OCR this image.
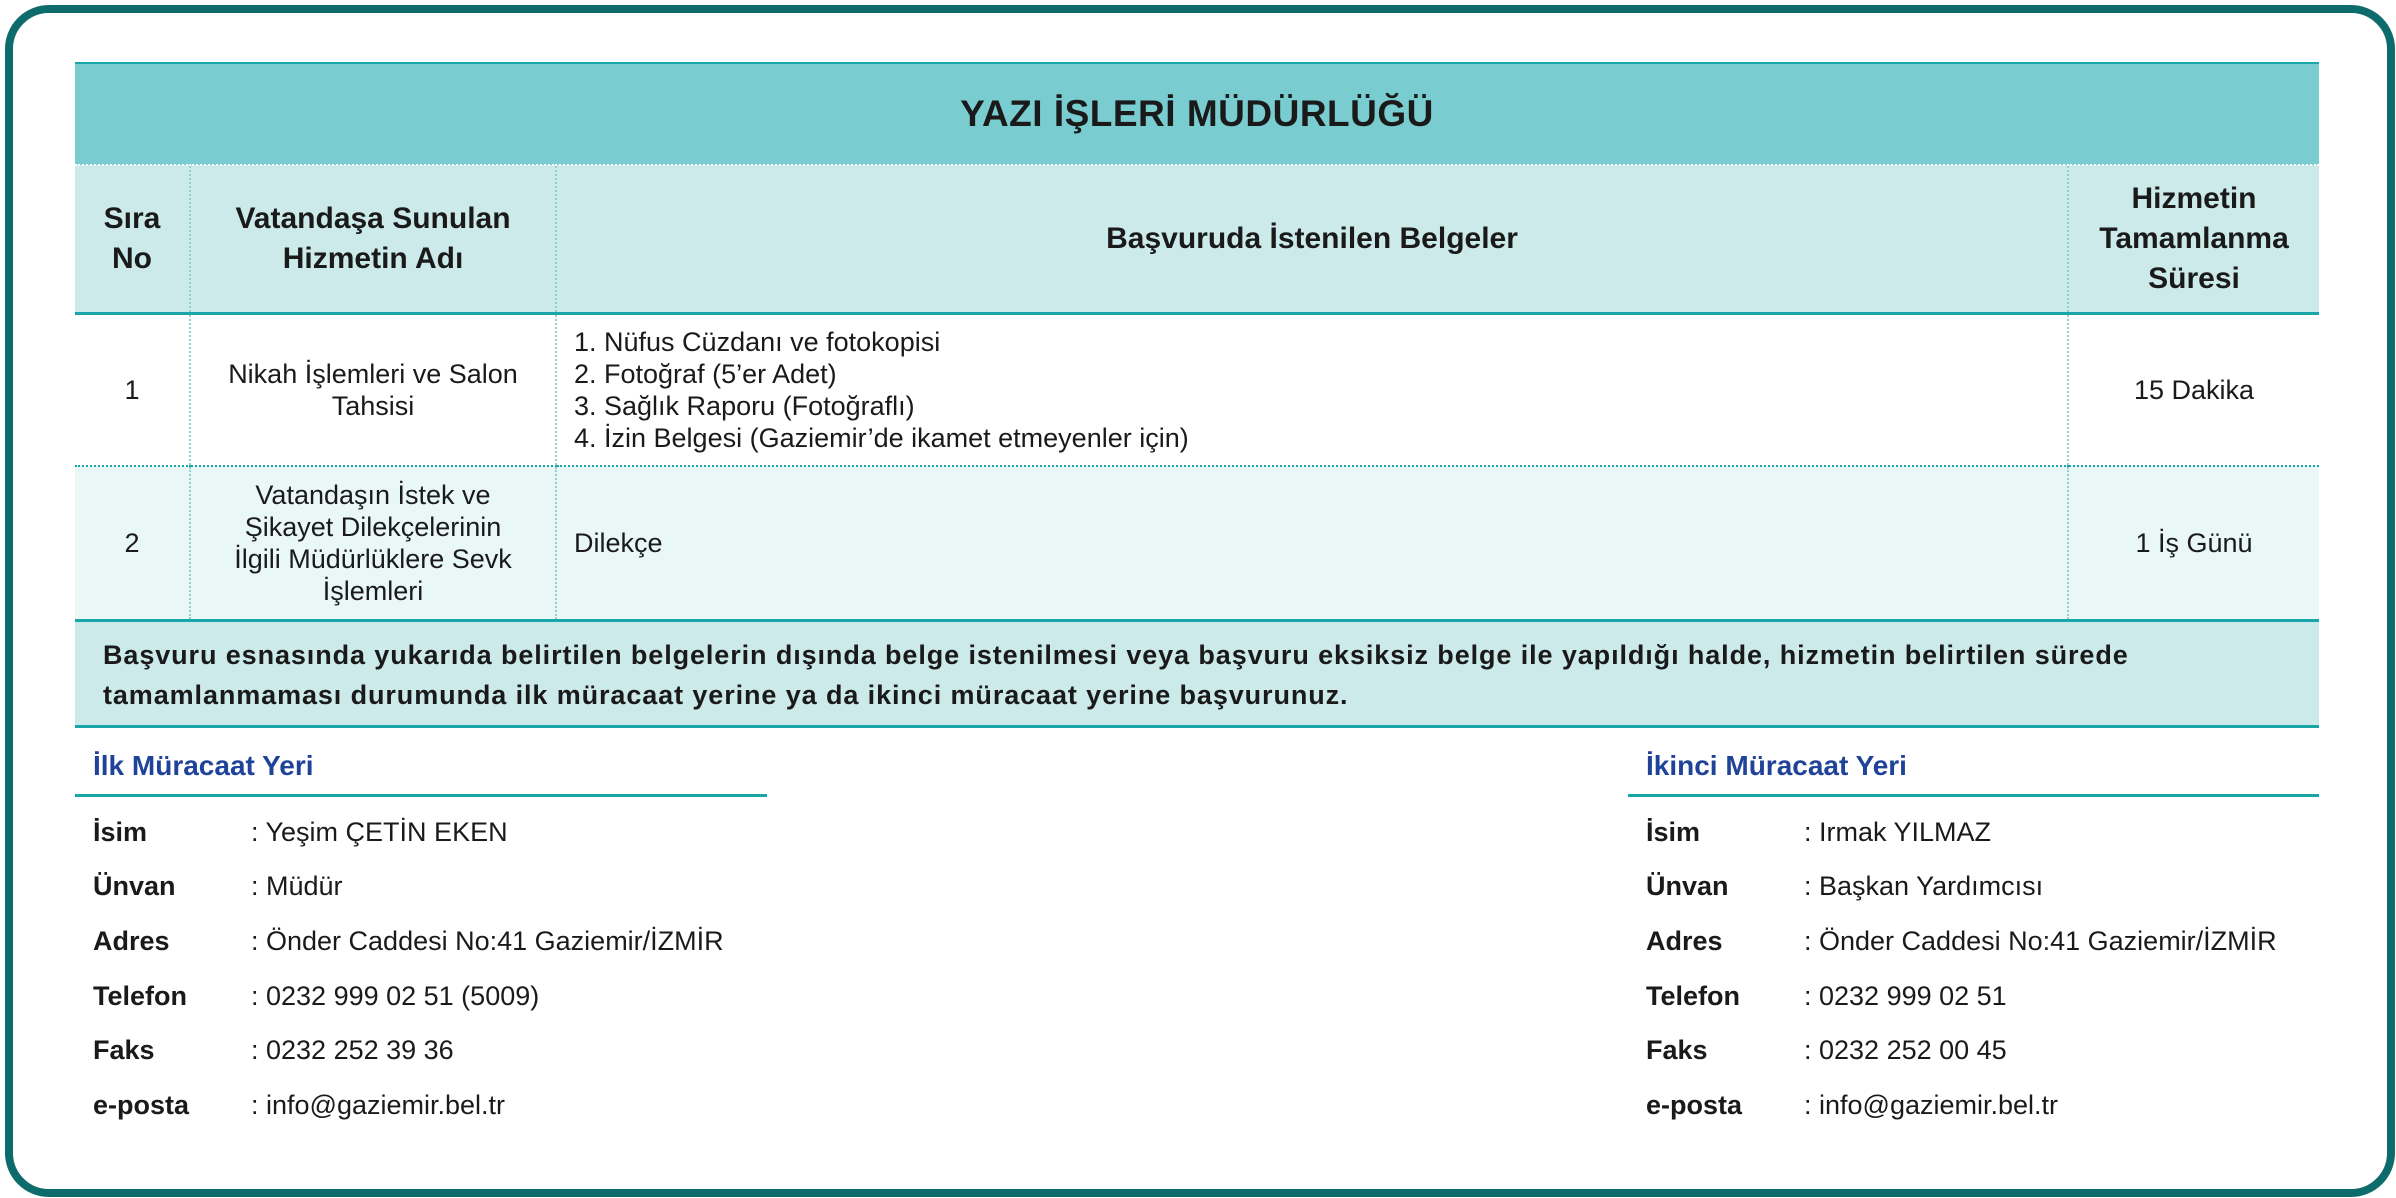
YAZI İŞLERİ MÜDÜRLÜĞÜ			
Sıra No	Vatandaşa Sunulan Hizmetin Adı	Başvuruda İstenilen Belgeler	Hizmetin Tamamlanma Süresi
1	Nikah İşlemleri ve Salon Tahsisi	1. Nüfus Cüzdanı ve fotokopisi
2. Fotoğraf (5’er Adet)
3. Sağlık Raporu (Fotoğraflı)
4. İzin Belgesi (Gaziemir’de ikamet etmeyenler için)	15 Dakika
2	Vatandaşın İstek ve Şikayet Dilekçelerinin İlgili Müdürlüklere Sevk İşlemleri	Dilekçe	1 İş Günü
Başvuru esnasında yukarıda belirtilen belgelerin dışında belge istenilmesi veya başvuru eksiksiz belge ile yapıldığı halde, hizmetin belirtilen sürede tamamlanmaması durumunda ilk müracaat yerine ya da ikinci müracaat yerine başvurunuz.
İlk Müracaat Yeri
İsim	: Yeşim ÇETİN EKEN
Ünvan	: Müdür
Adres	: Önder Caddesi No:41 Gaziemir/İZMİR
Telefon	: 0232 999 02 51 (5009)
Faks	: 0232 252 39 36
e-posta	: info@gaziemir.bel.tr
İkinci Müracaat Yeri
İsim	: Irmak YILMAZ
Ünvan	: Başkan Yardımcısı
Adres	: Önder Caddesi No:41 Gaziemir/İZMİR
Telefon	: 0232 999 02 51
Faks	: 0232 252 00 45
e-posta	: info@gaziemir.bel.tr
